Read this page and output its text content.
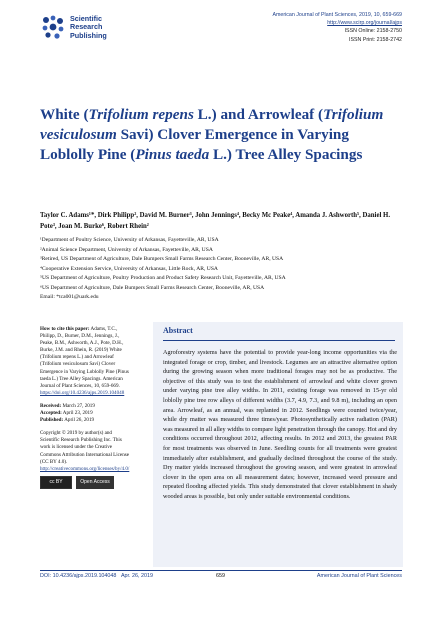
Scientific
Research
Publishing
American Journal of Plant Sciences, 2019, 10, 659-669
http://www.scirp.org/journal/ajps
ISSN Online: 2158-2750
ISSN Print: 2158-2742
White (Trifolium repens L.) and Arrowleaf (Trifolium vesiculosum Savi) Clover Emergence in Varying Loblolly Pine (Pinus taeda L.) Tree Alley Spacings
Taylor C. Adams¹*, Dirk Philipp², David M. Burner³, John Jennings⁴, Becky Mc Peake⁴, Amanda J. Ashworth⁵, Daniel H. Pote³, Joan M. Burke⁶, Robert Rhein²
¹Department of Poultry Science, University of Arkansas, Fayetteville, AR, USA
²Animal Science Department, University of Arkansas, Fayetteville, AR, USA
³Retired, US Department of Agriculture, Dale Bumpers Small Farms Research Center, Booneville, AR, USA
⁴Cooperative Extension Service, University of Arkansas, Little Rock, AR, USA
⁵US Department of Agriculture, Poultry Production and Product Safety Research Unit, Fayetteville, AR, USA
⁶US Department of Agriculture, Dale Bumpers Small Farms Research Center, Booneville, AR, USA
Email: *tca001@uark.edu
How to cite this paper: Adams, T.C., Philipp, D., Burner, D.M., Jennings, J., Peake, B.M., Ashworth, A.J., Pote, D.H., Burke, J.M. and Rhein, R. (2019) White (Trifolium repens L.) and Arrowleaf (Trifolium vesiculosum Savi) Clover Emergence in Varying Loblolly Pine (Pinus taeda L.) Tree Alley Spacings. American Journal of Plant Sciences, 10, 659-669.
https://doi.org/10.4236/ajps.2019.104048
Received: March 27, 2019
Accepted: April 23, 2019
Published: April 26, 2019
Copyright © 2019 by author(s) and Scientific Research Publishing Inc. This work is licensed under the Creative Commons Attribution International License (CC BY 4.0).
http://creativecommons.org/licenses/by/4.0/
cc BY	Open Access
Abstract
Agroforestry systems have the potential to provide year-long income opportunities via the integrated forage or crop, timber, and livestock. Legumes are an attractive alternative option during the growing season when more traditional forages may not be as productive. The objective of this study was to test the establishment of arrowleaf and white clover grown under varying pine tree alley widths. In 2011, existing forage was removed in 15-yr old loblolly pine tree row alleys of different widths (3.7, 4.9, 7.3, and 9.8 m), including an open area. Arrowleaf, as an annual, was replanted in 2012. Seedlings were counted twice/year, while dry matter was measured three times/year. Photosynthetically active radiation (PAR) was measured in all alley widths to compare light penetration through the canopy. Hot and dry conditions occurred throughout 2012, affecting results. In 2012 and 2013, the greatest PAR for most treatments was observed in June. Seedling counts for all treatments were greatest immediately after establishment, and gradually declined throughout the course of the study. Dry matter yields increased throughout the growing season, and were greatest in arrowleaf clover in the open area on all measurement dates; however, increased weed pressure and repeated flooding affected yields. This study demonstrated that clover establishment in shady wooded areas is possible, but only under suitable environmental conditions.
DOI: 10.4236/ajps.2019.104048 Apr. 26, 2019	659	American Journal of Plant Sciences
